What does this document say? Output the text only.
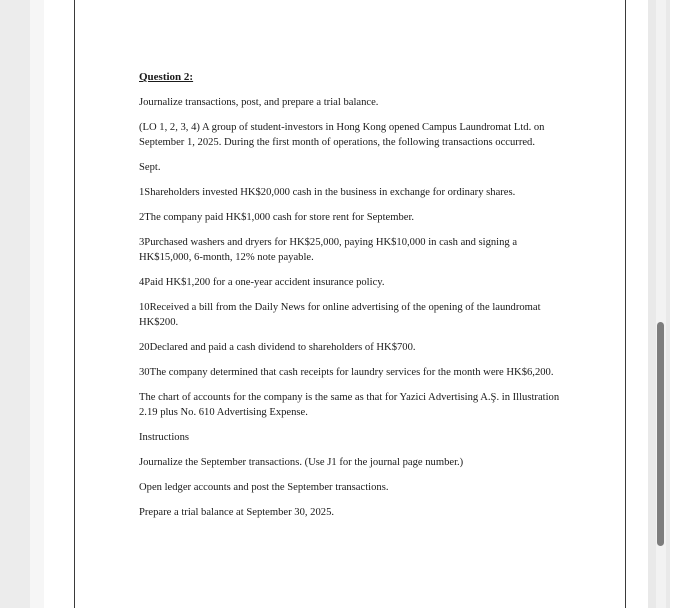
Question 2:

Journalize transactions, post, and prepare a trial balance.

(LO 1, 2, 3, 4) A group of student-investors in Hong Kong opened Campus Laundromat Ltd. on September 1, 2025. During the first month of operations, the following transactions occurred.

Sept.

1Shareholders invested HK$20,000 cash in the business in exchange for ordinary shares.

2The company paid HK$1,000 cash for store rent for September.

3Purchased washers and dryers for HK$25,000, paying HK$10,000 in cash and signing a HK$15,000, 6-month, 12% note payable.

4Paid HK$1,200 for a one-year accident insurance policy.

10Received a bill from the Daily News for online advertising of the opening of the laundromat HK$200.

20Declared and paid a cash dividend to shareholders of HK$700.

30The company determined that cash receipts for laundry services for the month were HK$6,200.

The chart of accounts for the company is the same as that for Yazici Advertising A.Ş. in Illustration 2.19 plus No. 610 Advertising Expense.

Instructions

Journalize the September transactions. (Use J1 for the journal page number.)

Open ledger accounts and post the September transactions.

Prepare a trial balance at September 30, 2025.
